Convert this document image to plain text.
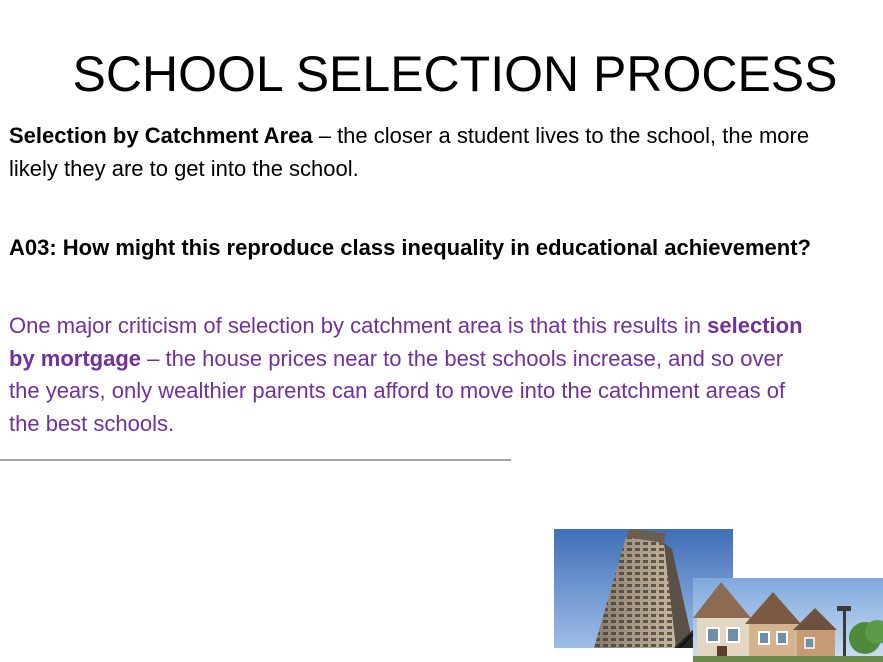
SCHOOL SELECTION PROCESS
Selection by Catchment Area – the closer a student lives to the school, the more
likely they are to get into the school.
A03: How might this reproduce class inequality in educational achievement?
One major criticism of selection by catchment area is that this results in selection
by mortgage – the house prices near to the best schools increase, and so over
the years, only wealthier parents can afford to move into the catchment areas of
the best schools.
